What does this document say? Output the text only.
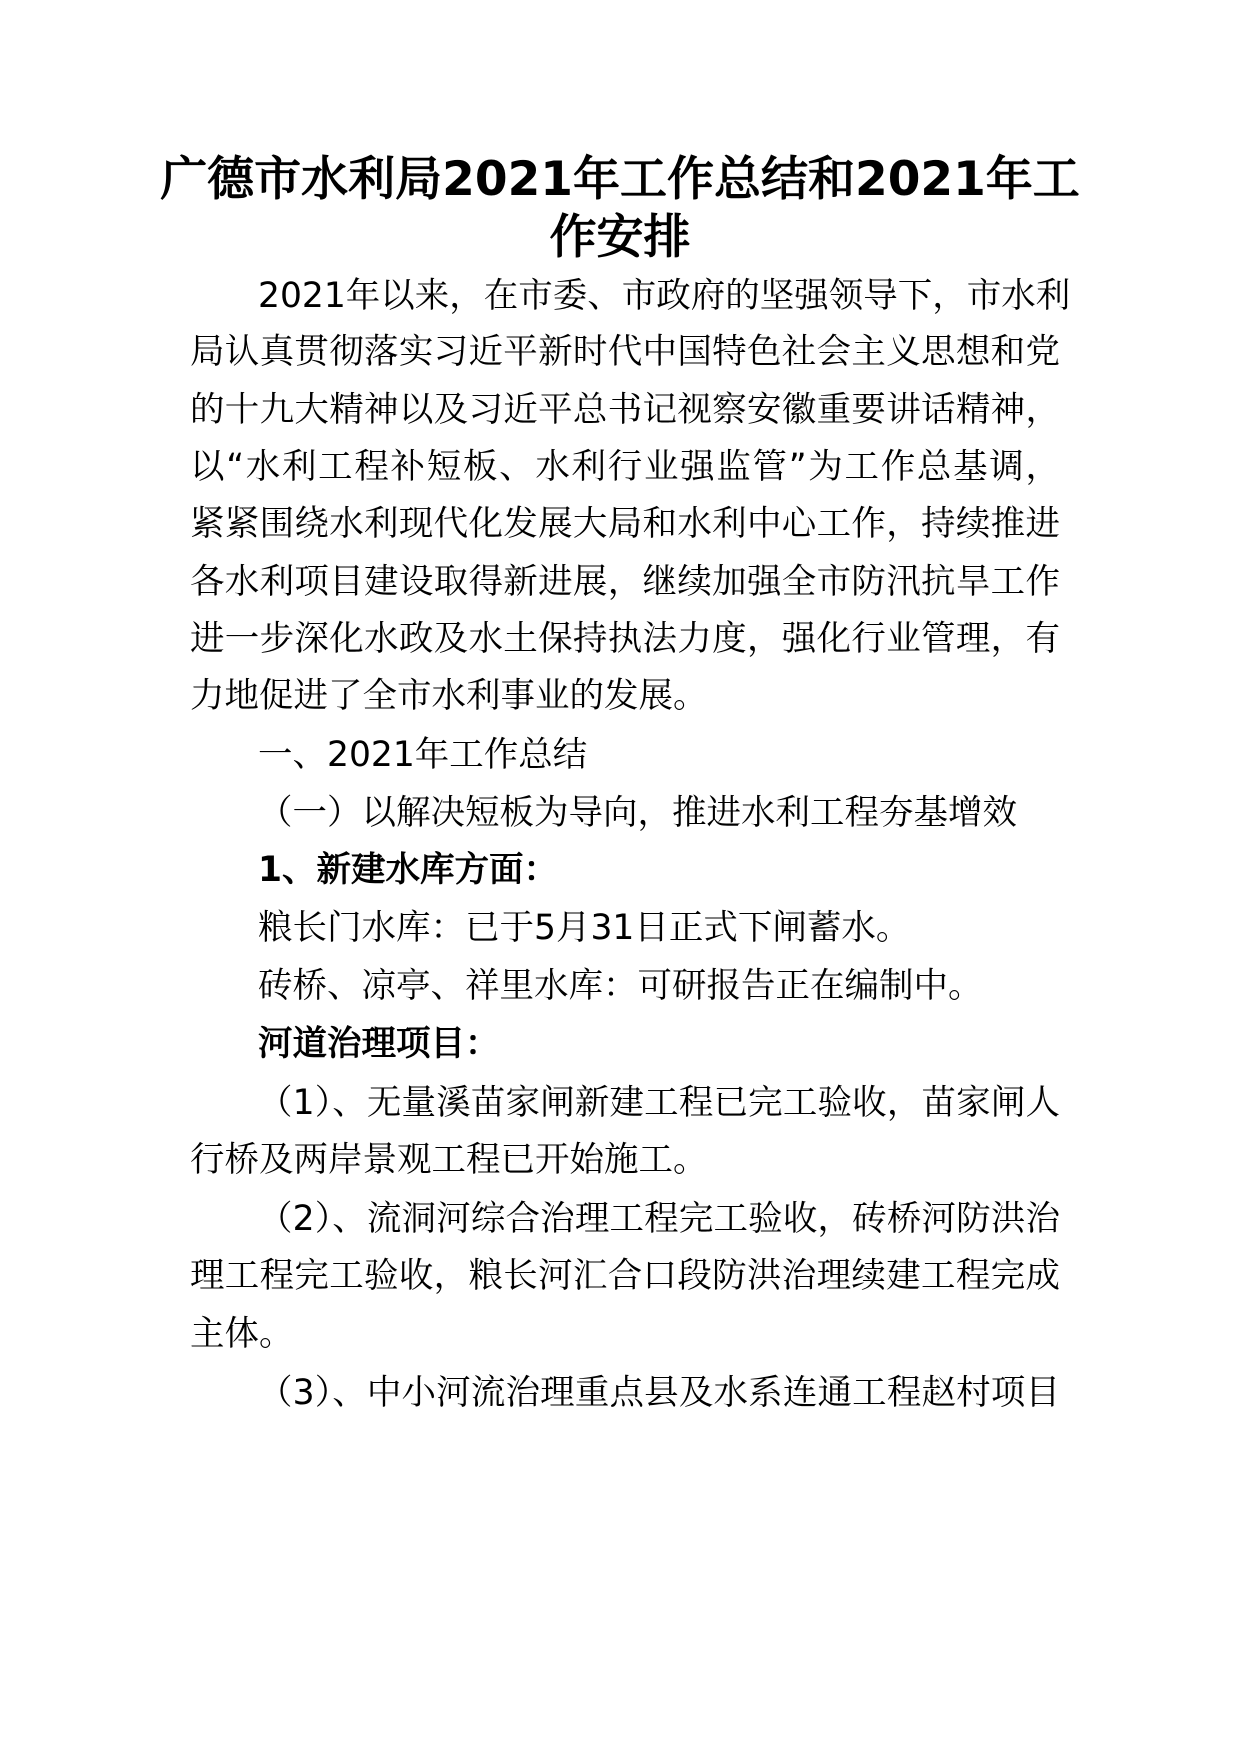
广德市水利局2021年工作总结和2021年工
作安排
2021年以来，在市委、市政府的坚强领导下，市水利
局认真贯彻落实习近平新时代中国特色社会主义思想和党
的十九大精神以及习近平总书记视察安徽重要讲话精神，
以“水利工程补短板、水利行业强监管”为工作总基调，
紧紧围绕水利现代化发展大局和水利中心工作，持续推进
各水利项目建设取得新进展，继续加强全市防汛抗旱工作
进一步深化水政及水土保持执法力度，强化行业管理，有
力地促进了全市水利事业的发展。
一、2021年工作总结
（一）以解决短板为导向，推进水利工程夯基增效
1、新建水库方面：
粮长门水库：已于5月31日正式下闸蓄水。
砖桥、凉亭、祥里水库：可研报告正在编制中。
河道治理项目：
（1）、无量溪苗家闸新建工程已完工验收，苗家闸人
行桥及两岸景观工程已开始施工。
（2）、流洞河综合治理工程完工验收，砖桥河防洪治
理工程完工验收，粮长河汇合口段防洪治理续建工程完成
主体。
（3）、中小河流治理重点县及水系连通工程赵村项目
